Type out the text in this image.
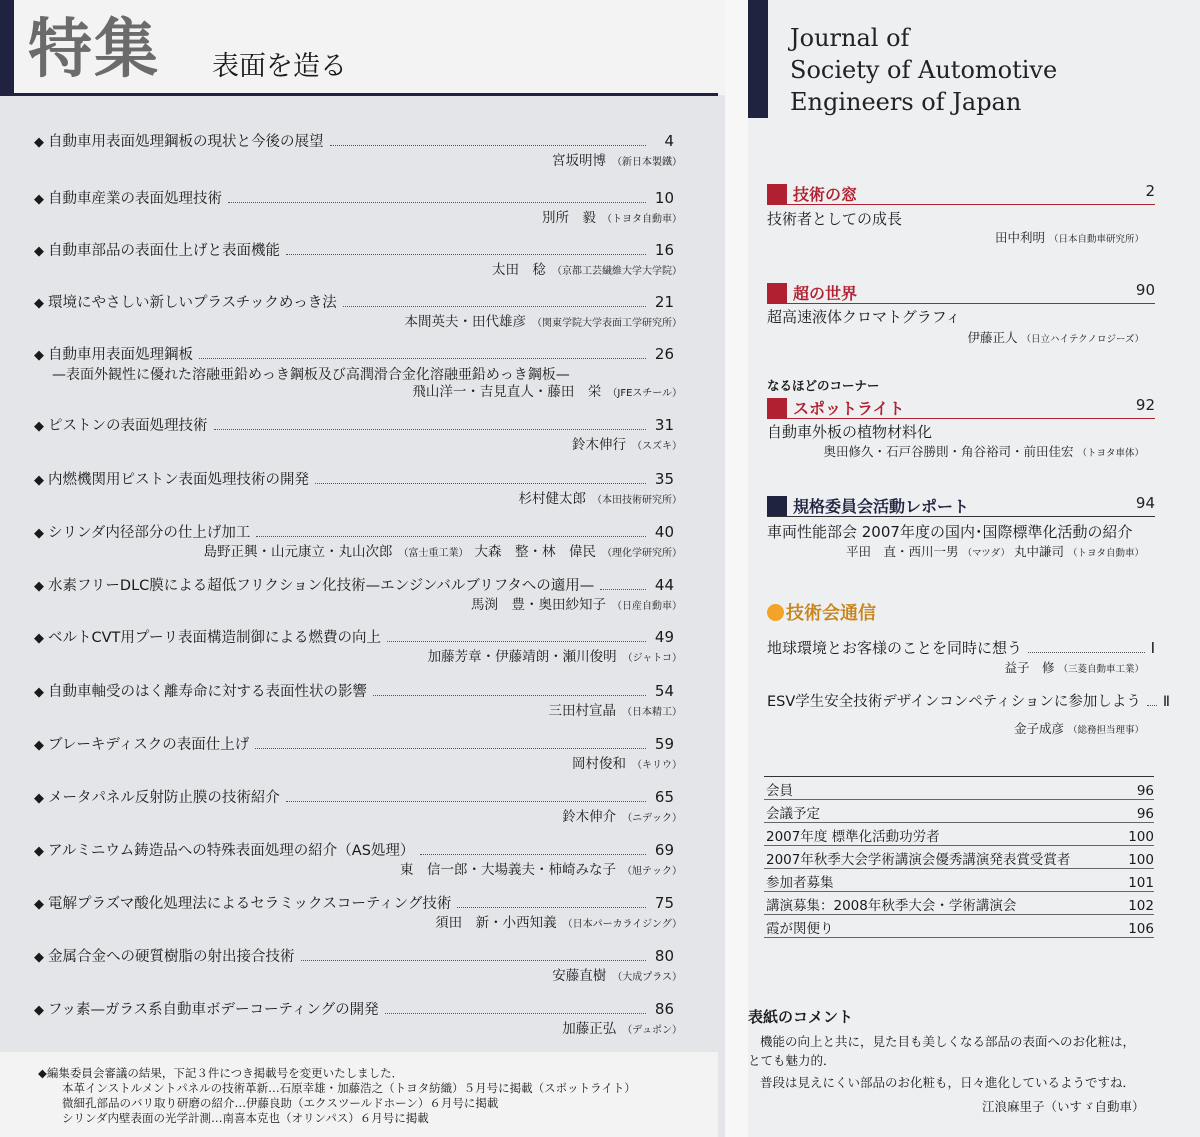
特集 表面を造る
◆ 自動車用表面処理鋼板の現状と今後の展望	4
宮坂明博 （新日本製鐵）
◆ 自動車産業の表面処理技術	10
別所　毅 （トヨタ自動車）
◆ 自動車部品の表面仕上げと表面機能	16
太田　稔 （京都工芸繊維大学大学院）
◆ 環境にやさしい新しいプラスチックめっき法	21
本間英夫・田代雄彦 （関東学院大学表面工学研究所）
◆ 自動車用表面処理鋼板	26
—表面外観性に優れた溶融亜鉛めっき鋼板及び高潤滑合金化溶融亜鉛めっき鋼板—
飛山洋一・吉見直人・藤田　栄 （JFEスチール）
◆ ピストンの表面処理技術	31
鈴木伸行 （スズキ）
◆ 内燃機関用ピストン表面処理技術の開発	35
杉村健太郎 （本田技術研究所）
◆ シリンダ内径部分の仕上げ加工	40
島野正興・山元康立・丸山次郎 （富士重工業） 大森　整・林　偉民 （理化学研究所）
◆ 水素フリーDLC膜による超低フリクション化技術—エンジンバルブリフタへの適用—	44
馬渕　豊・奥田紗知子 （日産自動車）
◆ ベルトCVT用プーリ表面構造制御による燃費の向上	49
加藤芳章・伊藤靖朗・瀬川俊明 （ジャトコ）
◆ 自動車軸受のはく離寿命に対する表面性状の影響	54
三田村宣晶 （日本精工）
◆ ブレーキディスクの表面仕上げ	59
岡村俊和 （キリウ）
◆ メータパネル反射防止膜の技術紹介	65
鈴木伸介 （ニデック）
◆ アルミニウム鋳造品への特殊表面処理の紹介（AS処理）	69
東　信一郎・大場義夫・柿崎みな子 （旭テック）
◆ 電解プラズマ酸化処理法によるセラミックスコーティング技術	75
須田　新・小西知義 （日本パーカライジング）
◆ 金属合金への硬質樹脂の射出接合技術	80
安藤直樹 （大成プラス）
◆ フッ素—ガラス系自動車ボデーコーティングの開発	86
加藤正弘 （デュポン）
◆編集委員会審議の結果，下記３件につき掲載号を変更いたしました．
本革インストルメントパネルの技術革新…石原幸雄・加藤浩之（トヨタ紡織）５月号に掲載（スポットライト）
微細孔部品のバリ取り研磨の紹介…伊藤良助（エクスツールドホーン）６月号に掲載
シリンダ内壁表面の光学計測…南喜本克也（オリンパス）６月号に掲載
Journal of
Society of Automotive
Engineers of Japan
技術の窓	2
技術者としての成長
田中利明 （日本自動車研究所）
超の世界	90
超高速液体クロマトグラフィ
伊藤正人 （日立ハイテクノロジーズ）
なるほどのコーナー
スポットライト	92
自動車外板の植物材料化
奥田修久・石戸谷勝則・角谷裕司・前田佳宏 （トヨタ車体）
規格委員会活動レポート	94
車両性能部会 2007年度の国内･国際標準化活動の紹介
平田　直・西川一男 （マツダ） 丸中謙司 （トヨタ自動車）
技術会通信
地球環境とお客様のことを同時に想う	Ⅰ
益子　修 （三菱自動車工業）
ESV学生安全技術デザインコンペティションに参加しよう Ⅱ
金子成彦 （総務担当理事）
会員	96
会議予定	96
2007年度 標準化活動功労者	100
2007年秋季大会学術講演会優秀講演発表賞受賞者	100
参加者募集	101
講演募集：2008年秋季大会・学術講演会	102
霞が関便り	106
表紙のコメント
機能の向上と共に，見た目も美しくなる部品の表面へのお化粧は，
とても魅力的．
普段は見えにくい部品のお化粧も，日々進化しているようですね．
江浪麻里子（いすゞ自動車）
